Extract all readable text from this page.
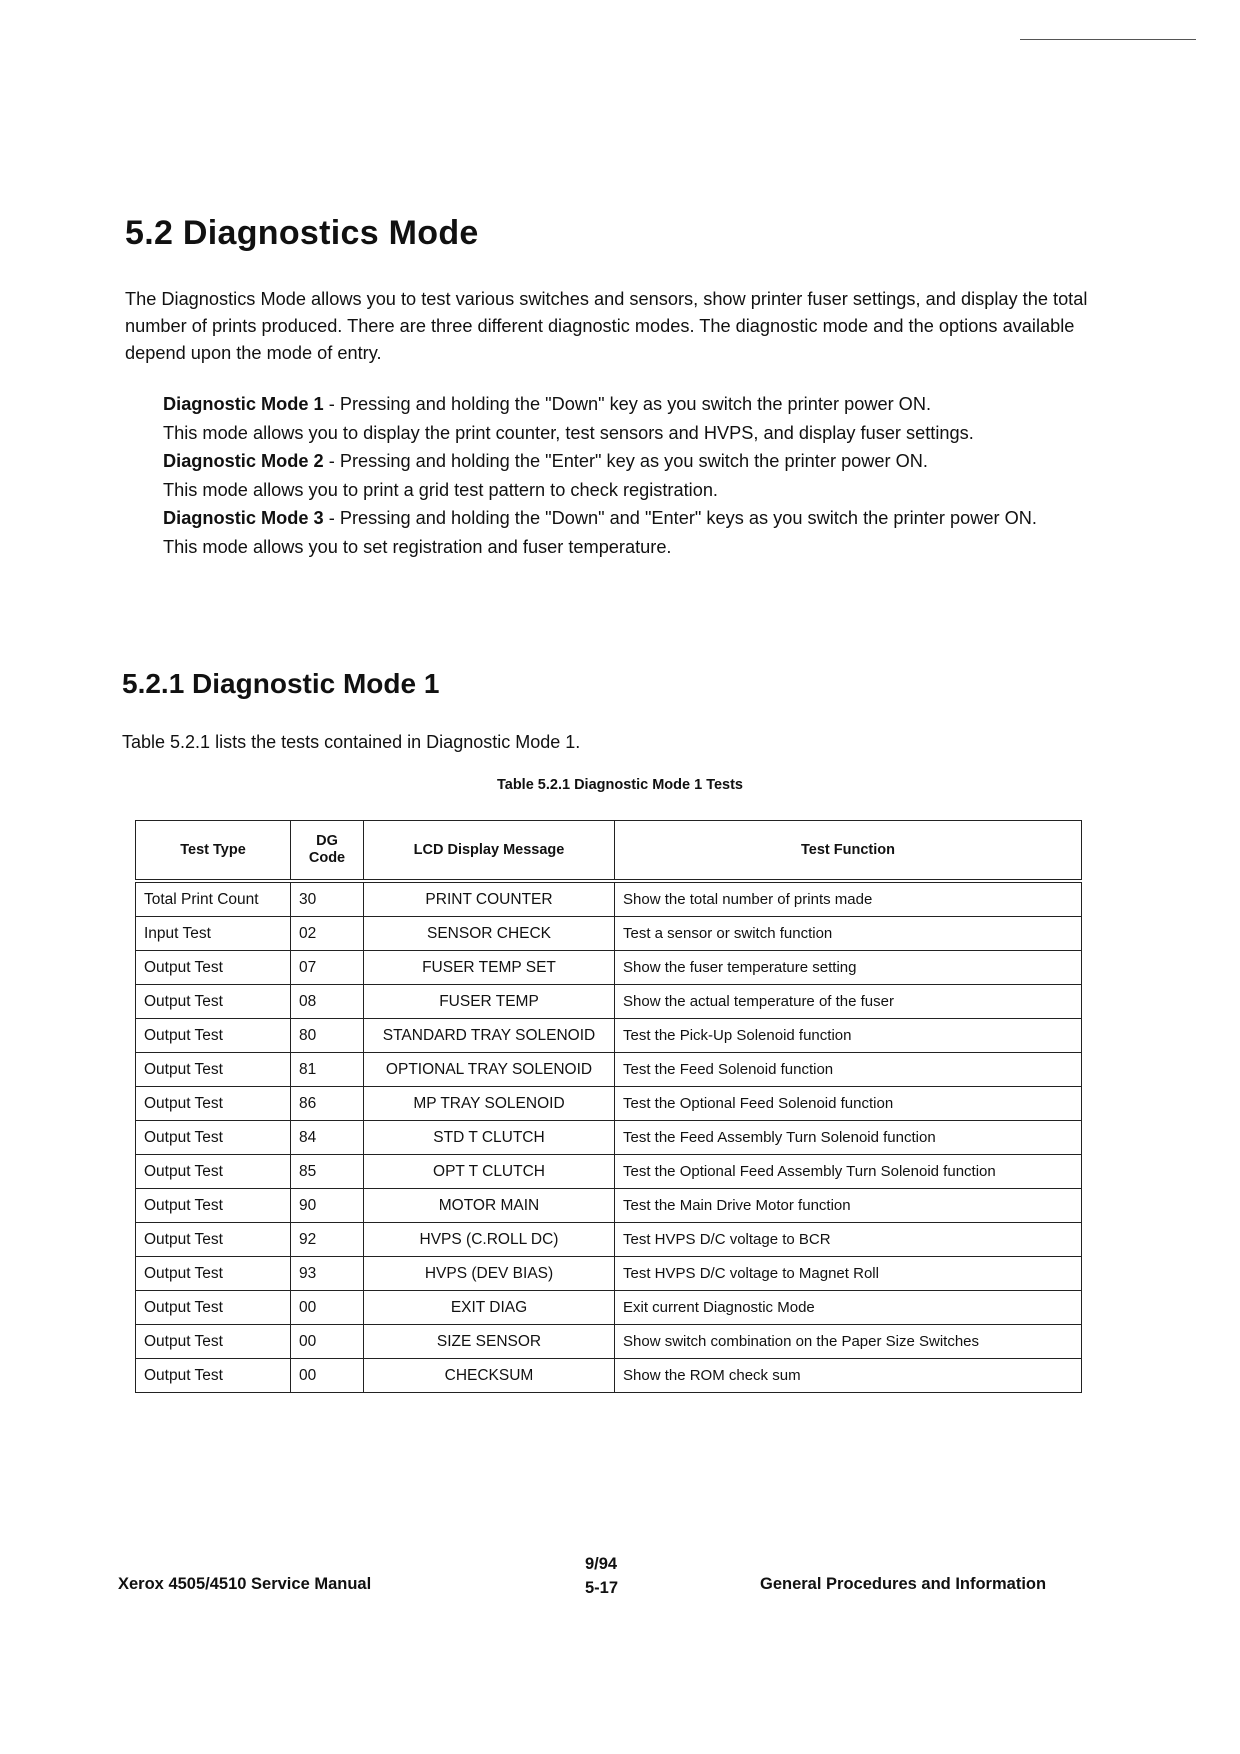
5.2 Diagnostics Mode

The Diagnostics Mode allows you to test various switches and sensors, show printer fuser settings, and display the total number of prints produced. There are three different diagnostic modes. The diagnostic mode and the options available depend upon the mode of entry.

Diagnostic Mode 1 - Pressing and holding the "Down" key as you switch the printer power ON.

This mode allows you to display the print counter, test sensors and HVPS, and display fuser settings.

Diagnostic Mode 2 - Pressing and holding the "Enter" key as you switch the printer power ON.

This mode allows you to print a grid test pattern to check registration.

Diagnostic Mode 3 - Pressing and holding the "Down" and "Enter" keys as you switch the printer power ON.

This mode allows you to set registration and fuser temperature.

5.2.1 Diagnostic Mode 1

Table 5.2.1 lists the tests contained in Diagnostic Mode 1.

Table 5.2.1 Diagnostic Mode 1 Tests

Test Type	DG Code	LCD Display Message	Test Function
Total Print Count	30	PRINT COUNTER	Show the total number of prints made
Input Test	02	SENSOR CHECK	Test a sensor or switch function
Output Test	07	FUSER TEMP SET	Show the fuser temperature setting
Output Test	08	FUSER TEMP	Show the actual temperature of the fuser
Output Test	80	STANDARD TRAY SOLENOID	Test the Pick-Up Solenoid function
Output Test	81	OPTIONAL TRAY SOLENOID	Test the Feed Solenoid function
Output Test	86	MP TRAY SOLENOID	Test the Optional Feed Solenoid function
Output Test	84	STD T CLUTCH	Test the Feed Assembly Turn Solenoid function
Output Test	85	OPT T CLUTCH	Test the Optional Feed Assembly Turn Solenoid function
Output Test	90	MOTOR MAIN	Test the Main Drive Motor function
Output Test	92	HVPS (C.ROLL DC)	Test HVPS D/C voltage to BCR
Output Test	93	HVPS (DEV BIAS)	Test HVPS D/C voltage to Magnet Roll
Output Test	00	EXIT DIAG	Exit current Diagnostic Mode
Output Test	00	SIZE SENSOR	Show switch combination on the Paper Size Switches
Output Test	00	CHECKSUM	Show the ROM check sum

Xerox 4505/4510 Service Manual

9/94
5-17	General Procedures and Information
